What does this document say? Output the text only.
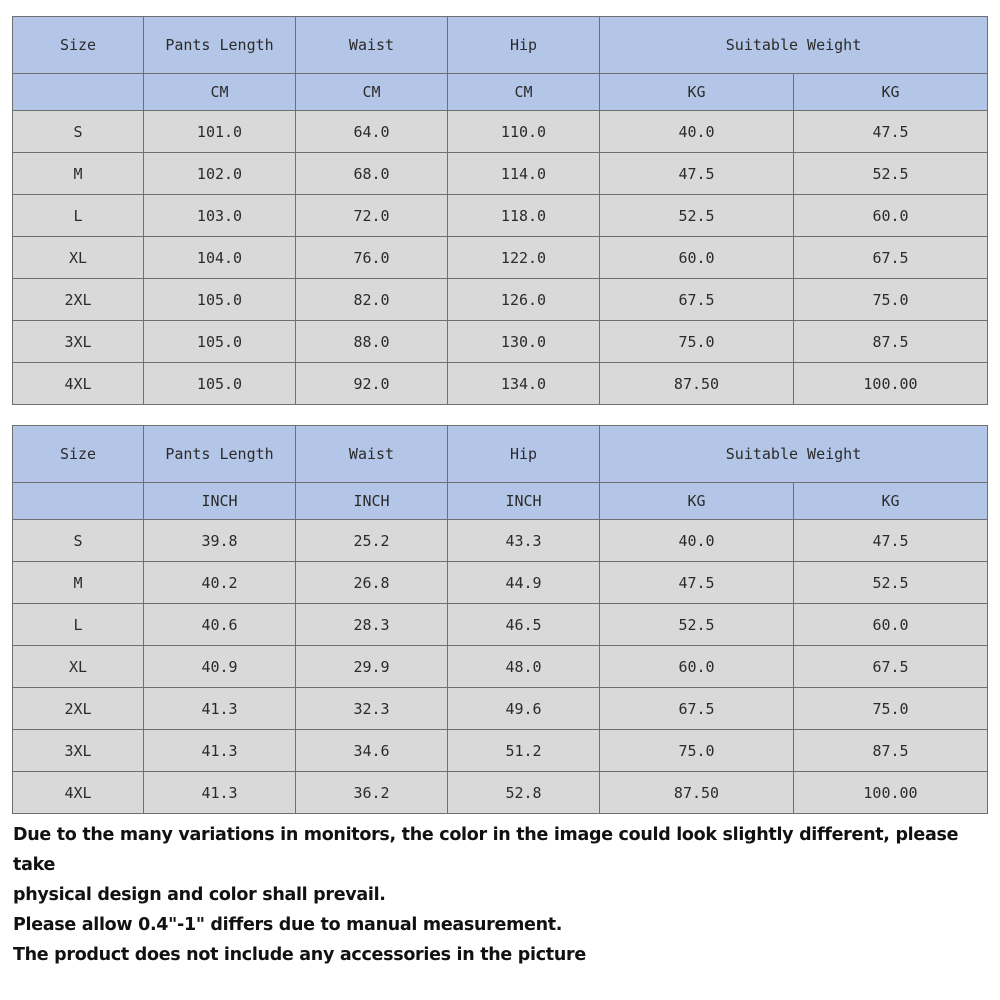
Size	Pants Length	Waist	Hip	Suitable Weight	
	CM	CM	CM	KG	KG
S	101.0	64.0	110.0	40.0	47.5
M	102.0	68.0	114.0	47.5	52.5
L	103.0	72.0	118.0	52.5	60.0
XL	104.0	76.0	122.0	60.0	67.5
2XL	105.0	82.0	126.0	67.5	75.0
3XL	105.0	88.0	130.0	75.0	87.5
4XL	105.0	92.0	134.0	87.50	100.00
Size	Pants Length	Waist	Hip	Suitable Weight	
	INCH	INCH	INCH	KG	KG
S	39.8	25.2	43.3	40.0	47.5
M	40.2	26.8	44.9	47.5	52.5
L	40.6	28.3	46.5	52.5	60.0
XL	40.9	29.9	48.0	60.0	67.5
2XL	41.3	32.3	49.6	67.5	75.0
3XL	41.3	34.6	51.2	75.0	87.5
4XL	41.3	36.2	52.8	87.50	100.00

Due to the many variations in monitors, the color in the image could look slightly different, please take

physical design and color shall prevail.

Please allow 0.4"-1" differs due to manual measurement.

The product does not include any accessories in the picture
